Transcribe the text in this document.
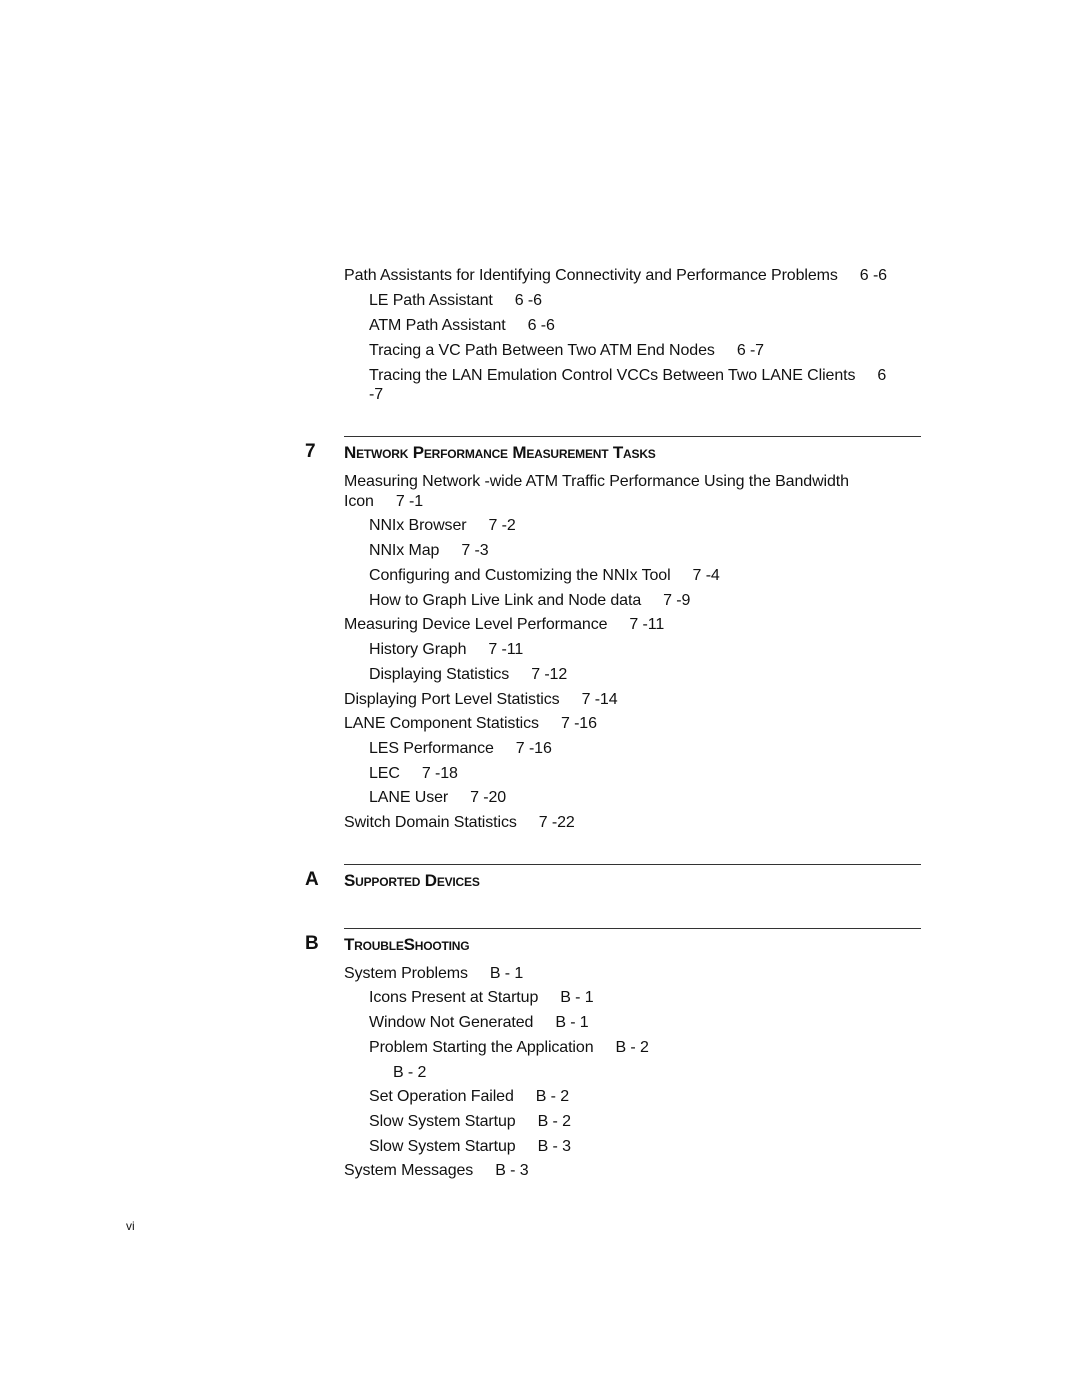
Path Assistants for Identifying Connectivity and Performance Problems 6 -6
LE Path Assistant 6 -6
ATM Path Assistant 6 -6
Tracing a VC Path Between Two ATM End Nodes 6 -7
Tracing the LAN Emulation Control VCCs Between Two LANE Clients 6
-7
7 Network Performance Measurement Tasks
Measuring Network -wide ATM Traffic Performance Using the Bandwidth
Icon 7 -1
NNIx Browser 7 -2
NNIx Map 7 -3
Configuring and Customizing the NNIx Tool 7 -4
How to Graph Live Link and Node data 7 -9
Measuring Device Level Performance 7 -11
History Graph 7 -11
Displaying Statistics 7 -12
Displaying Port Level Statistics 7 -14
LANE Component Statistics 7 -16
LES Performance 7 -16
LEC 7 -18
LANE User 7 -20
Switch Domain Statistics 7 -22
A Supported Devices
B TroubleShooting
System Problems B - 1
Icons Present at Startup B - 1
Window Not Generated B - 1
Problem Starting the Application B - 2
B - 2
Set Operation Failed B - 2
Slow System Startup B - 2
Slow System Startup B - 3
System Messages B - 3
vi
